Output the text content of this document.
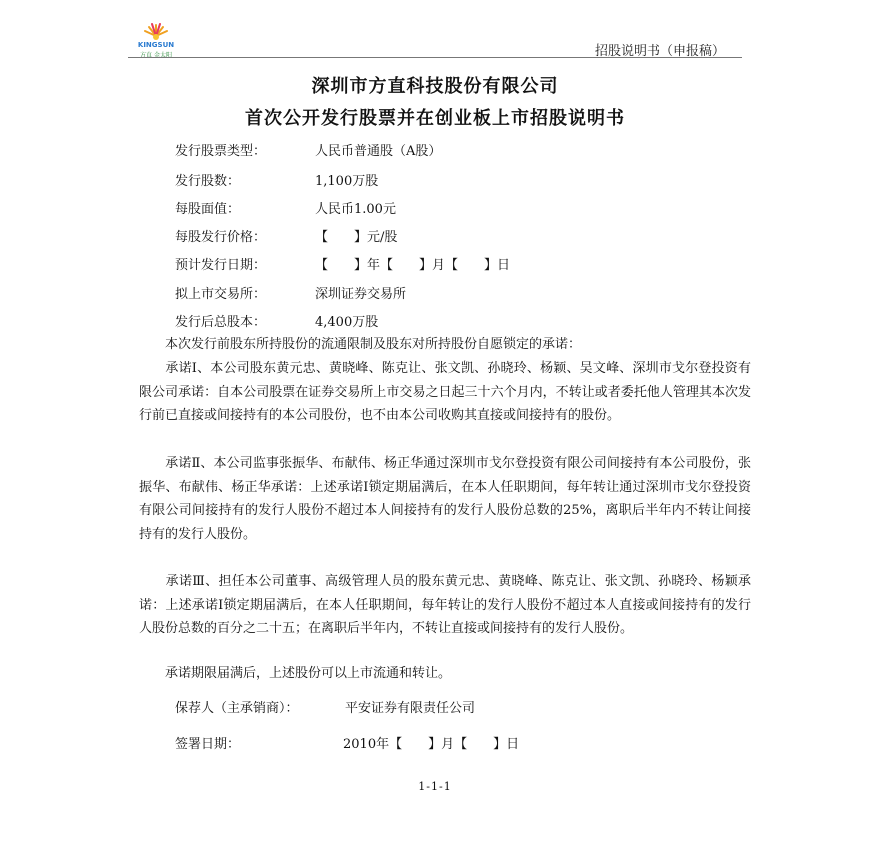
KINGSUN
方直 金太阳	招股说明书（申报稿）
深圳市方直科技股份有限公司
首次公开发行股票并在创业板上市招股说明书
发行股票类型：	人民币普通股（A股）
发行股数：	1,100万股
每股面值：	人民币1.00元
每股发行价格：	【　　】元/股
预计发行日期：	【　　】年【　　】月【　　】日
拟上市交易所：	深圳证券交易所
发行后总股本：	4,400万股
　　本次发行前股东所持股份的流通限制及股东对所持股份自愿锁定的承诺：
　　承诺Ⅰ、本公司股东黄元忠、黄晓峰、陈克让、张文凯、孙晓玲、杨颖、吴文峰、深圳市戈尔登投资有限公司承诺：自本公司股票在证券交易所上市交易之日起三十六个月内，不转让或者委托他人管理其本次发行前已直接或间接持有的本公司股份，也不由本公司收购其直接或间接持有的股份。
　　承诺Ⅱ、本公司监事张振华、布献伟、杨正华通过深圳市戈尔登投资有限公司间接持有本公司股份，张振华、布献伟、杨正华承诺：上述承诺Ⅰ锁定期届满后，在本人任职期间，每年转让通过深圳市戈尔登投资有限公司间接持有的发行人股份不超过本人间接持有的发行人股份总数的25%，离职后半年内不转让间接持有的发行人股份。
　　承诺Ⅲ、担任本公司董事、高级管理人员的股东黄元忠、黄晓峰、陈克让、张文凯、孙晓玲、杨颖承诺：上述承诺Ⅰ锁定期届满后，在本人任职期间，每年转让的发行人股份不超过本人直接或间接持有的发行人股份总数的百分之二十五；在离职后半年内，不转让直接或间接持有的发行人股份。
　　承诺期限届满后，上述股份可以上市流通和转让。
保荐人（主承销商）：	平安证券有限责任公司
签署日期：	2010年【　　】月【　　】日
1-1-1
